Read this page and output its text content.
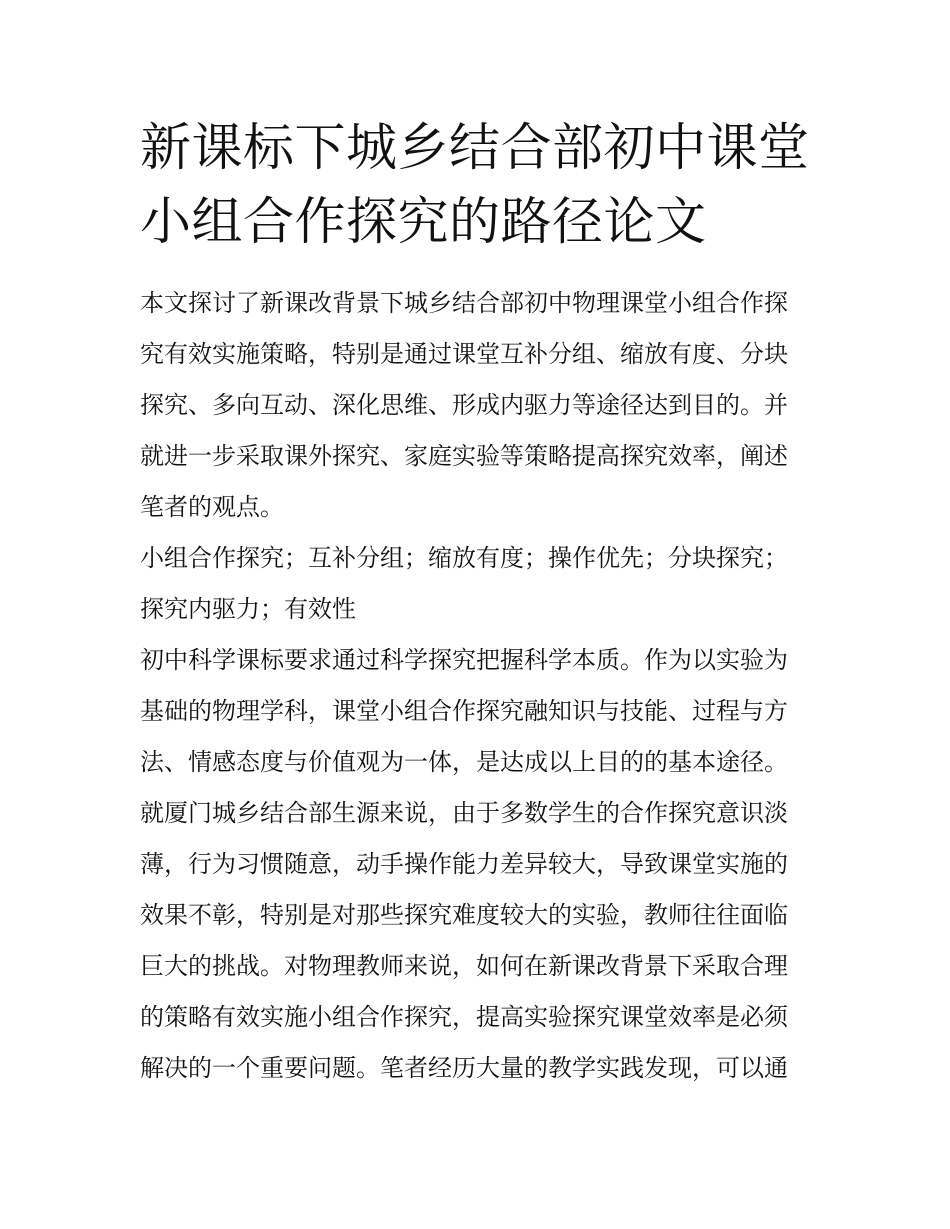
新课标下城乡结合部初中课堂
小组合作探究的路径论文

本文探讨了新课改背景下城乡结合部初中物理课堂小组合作探
究有效实施策略，特别是通过课堂互补分组、缩放有度、分块
探究、多向互动、深化思维、形成内驱力等途径达到目的。并
就进一步采取课外探究、家庭实验等策略提高探究效率，阐述
笔者的观点。

小组合作探究；互补分组；缩放有度；操作优先；分块探究；
探究内驱力；有效性

初中科学课标要求通过科学探究把握科学本质。作为以实验为
基础的物理学科，课堂小组合作探究融知识与技能、过程与方
法、情感态度与价值观为一体，是达成以上目的的基本途径。
就厦门城乡结合部生源来说，由于多数学生的合作探究意识淡
薄，行为习惯随意，动手操作能力差异较大，导致课堂实施的
效果不彰，特别是对那些探究难度较大的实验，教师往往面临
巨大的挑战。对物理教师来说，如何在新课改背景下采取合理
的策略有效实施小组合作探究，提高实验探究课堂效率是必须
解决的一个重要问题。笔者经历大量的教学实践发现，可以通
